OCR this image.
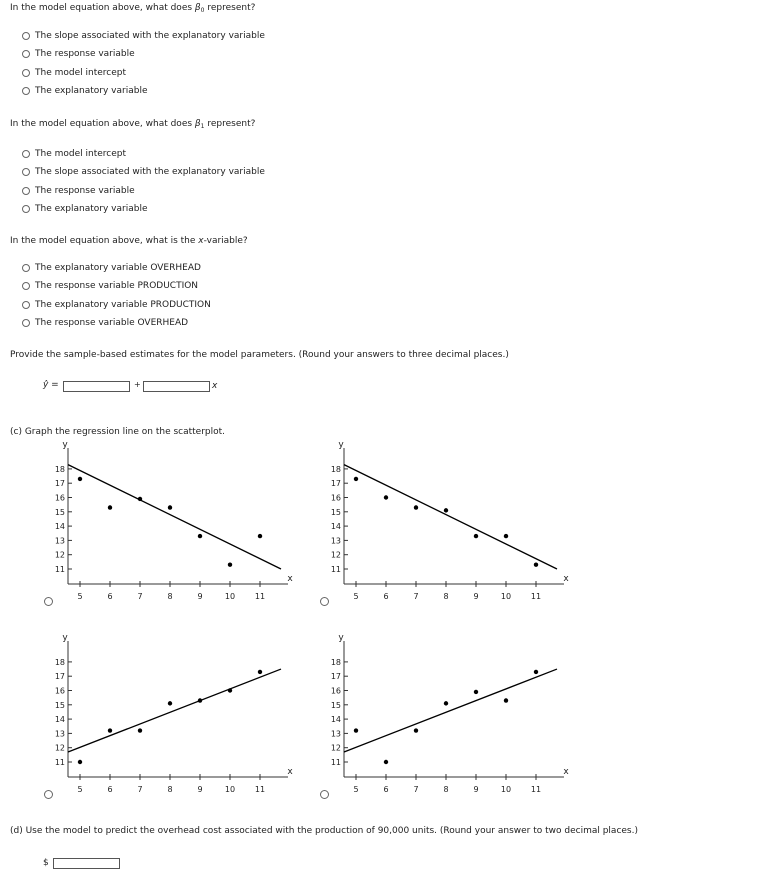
In the model equation above, what does $\beta_0$ represent?
The slope associated with the explanatory variable
The response variable
The model intercept
The explanatory variable
In the model equation above, what does $\beta_1$ represent?
The model intercept
The slope associated with the explanatory variable
The response variable
The explanatory variable
In the model equation above, what is the x-variable?
The explanatory variable OVERHEAD
The response variable PRODUCTION
The explanatory variable PRODUCTION
The response variable OVERHEAD
Provide the sample-based estimates for the model parameters. (Round your answers to three decimal places.)
ŷ =	+	x
(c) Graph the regression line on the scatterplot.
y
x
11
12
13
14
15
16
17
18
5	6	7	8	9	10 11
y
x
11
12
13
14
15
16
17
18
5	6	7	8	9	10 11
y
x
11
12
13
14
15
16
17
18
5	6	7	8	9	10 11
y
x
11
12
13
14
15
16
17
18
5	6	7	8	9	10 11
(d) Use the model to predict the overhead cost associated with the production of 90,000 units. (Round your answer to two decimal places.)
$
